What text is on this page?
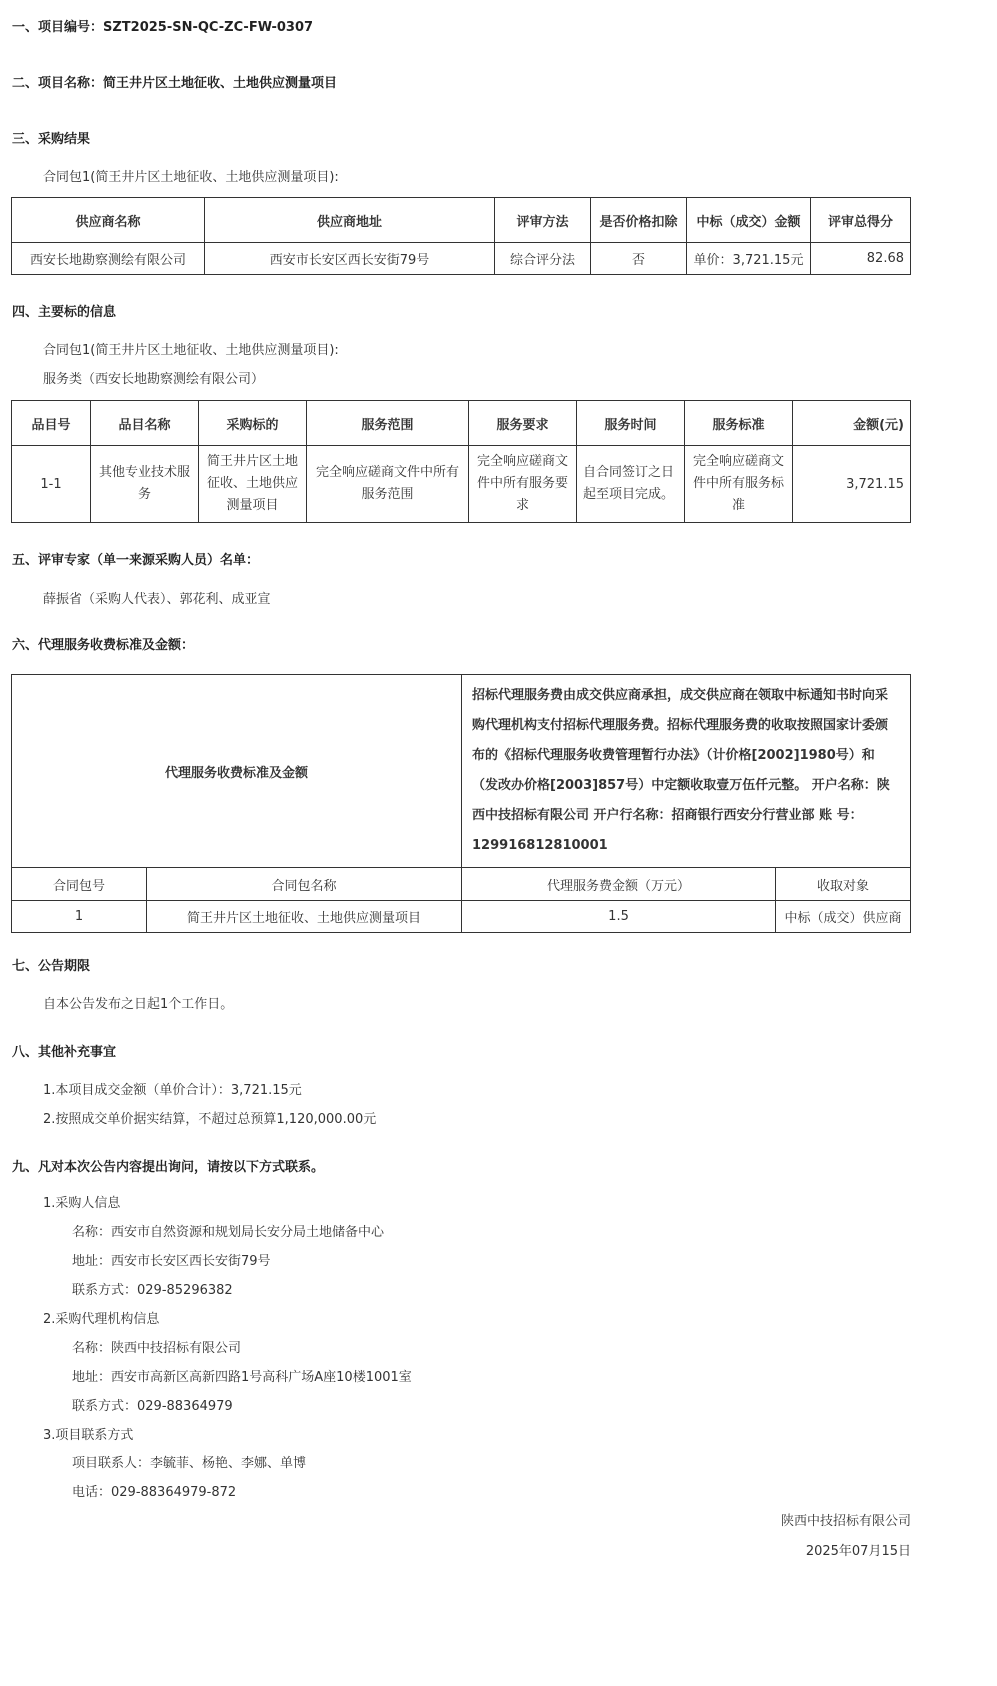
一、项目编号：SZT2025-SN-QC-ZC-FW-0307
二、项目名称：简王井片区土地征收、土地供应测量项目
三、采购结果
合同包1(简王井片区土地征收、土地供应测量项目):
供应商名称	供应商地址	评审方法	是否价格扣除	中标（成交）金额	评审总得分
西安长地勘察测绘有限公司	西安市长安区西长安街79号	综合评分法	否	单价：3,721.15元	82.68
四、主要标的信息
合同包1(简王井片区土地征收、土地供应测量项目):
服务类（西安长地勘察测绘有限公司）
品目号	品目名称	采购标的	服务范围	服务要求	服务时间	服务标准	金额(元)
1-1	其他专业技术服务	简王井片区土地征收、土地供应测量项目	完全响应磋商文件中所有服务范围	完全响应磋商文件中所有服务要求	自合同签订之日起至项目完成。	完全响应磋商文件中所有服务标准	3,721.15
五、评审专家（单一来源采购人员）名单：
薛振省（采购人代表）、郭花利、成亚宣
六、代理服务收费标准及金额：
代理服务收费标准及金额		招标代理服务费由成交供应商承担，成交供应商在领取中标通知书时向采购代理机构支付招标代理服务费。招标代理服务费的收取按照国家计委颁布的《招标代理服务收费管理暂行办法》（计价格[2002]1980号）和（发改办价格[2003]857号）中定额收取壹万伍仟元整。 开户名称：陕西中技招标有限公司 开户行名称：招商银行西安分行营业部 账 号：129916812810001	
合同包号	合同包名称	代理服务费金额（万元）	收取对象
1	简王井片区土地征收、土地供应测量项目	1.5	中标（成交）供应商
七、公告期限
自本公告发布之日起1个工作日。
八、其他补充事宜
1.本项目成交金额（单价合计）：3,721.15元
2.按照成交单价据实结算，不超过总预算1,120,000.00元
九、凡对本次公告内容提出询问，请按以下方式联系。
1.采购人信息
名称：西安市自然资源和规划局长安分局土地储备中心
地址：西安市长安区西长安街79号
联系方式：029-85296382
2.采购代理机构信息
名称：陕西中技招标有限公司
地址：西安市高新区高新四路1号高科广场A座10楼1001室
联系方式：029-88364979
3.项目联系方式
项目联系人：李毓菲、杨艳、李娜、单博
电话：029-88364979-872
陕西中技招标有限公司
2025年07月15日
